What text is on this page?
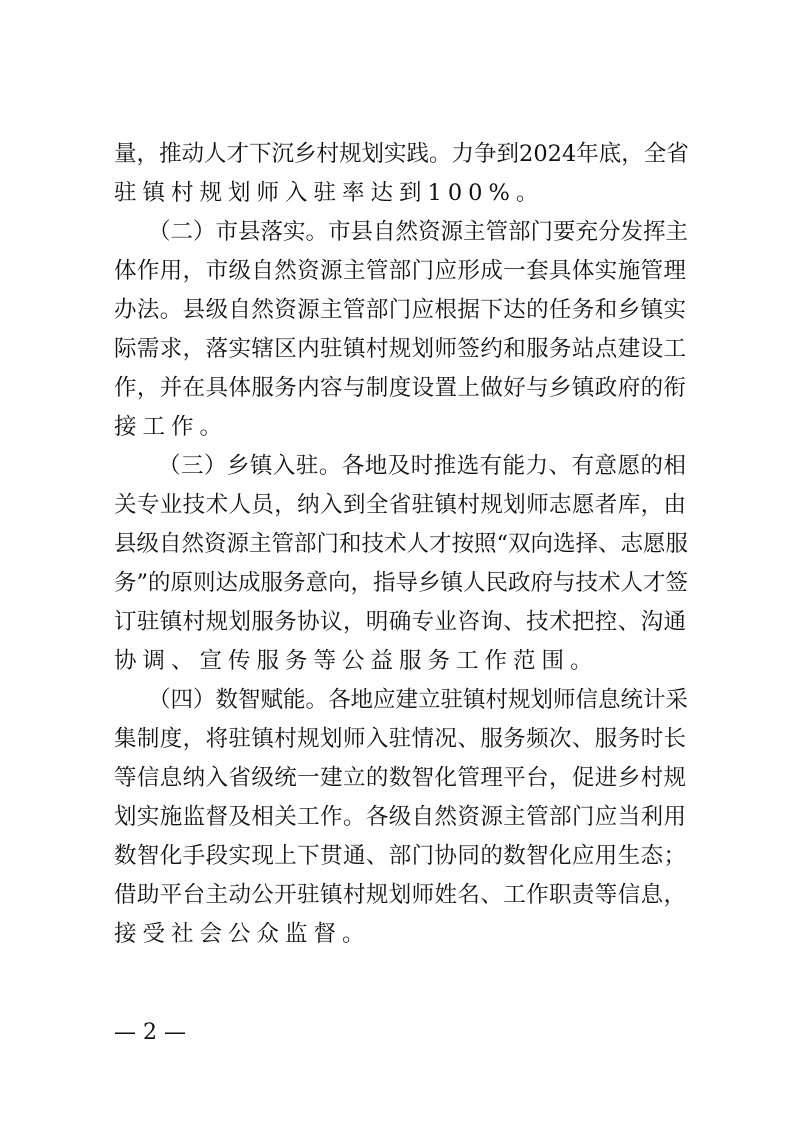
量，推动人才下沉乡村规划实践。力争到2024年底，全省
驻镇村规划师入驻率达到100%。
（二）市县落实。市县自然资源主管部门要充分发挥主
体作用，市级自然资源主管部门应形成一套具体实施管理
办法。县级自然资源主管部门应根据下达的任务和乡镇实
际需求，落实辖区内驻镇村规划师签约和服务站点建设工
作，并在具体服务内容与制度设置上做好与乡镇政府的衔
接工作。
（三）乡镇入驻。各地及时推选有能力、有意愿的相
关专业技术人员，纳入到全省驻镇村规划师志愿者库，由
县级自然资源主管部门和技术人才按照“双向选择、志愿服
务”的原则达成服务意向，指导乡镇人民政府与技术人才签
订驻镇村规划服务协议，明确专业咨询、技术把控、沟通
协调、宣传服务等公益服务工作范围。
（四）数智赋能。各地应建立驻镇村规划师信息统计采
集制度，将驻镇村规划师入驻情况、服务频次、服务时长
等信息纳入省级统一建立的数智化管理平台，促进乡村规
划实施监督及相关工作。各级自然资源主管部门应当利用
数智化手段实现上下贯通、部门协同的数智化应用生态；
借助平台主动公开驻镇村规划师姓名、工作职责等信息，
接受社会公众监督。
— 2 —
